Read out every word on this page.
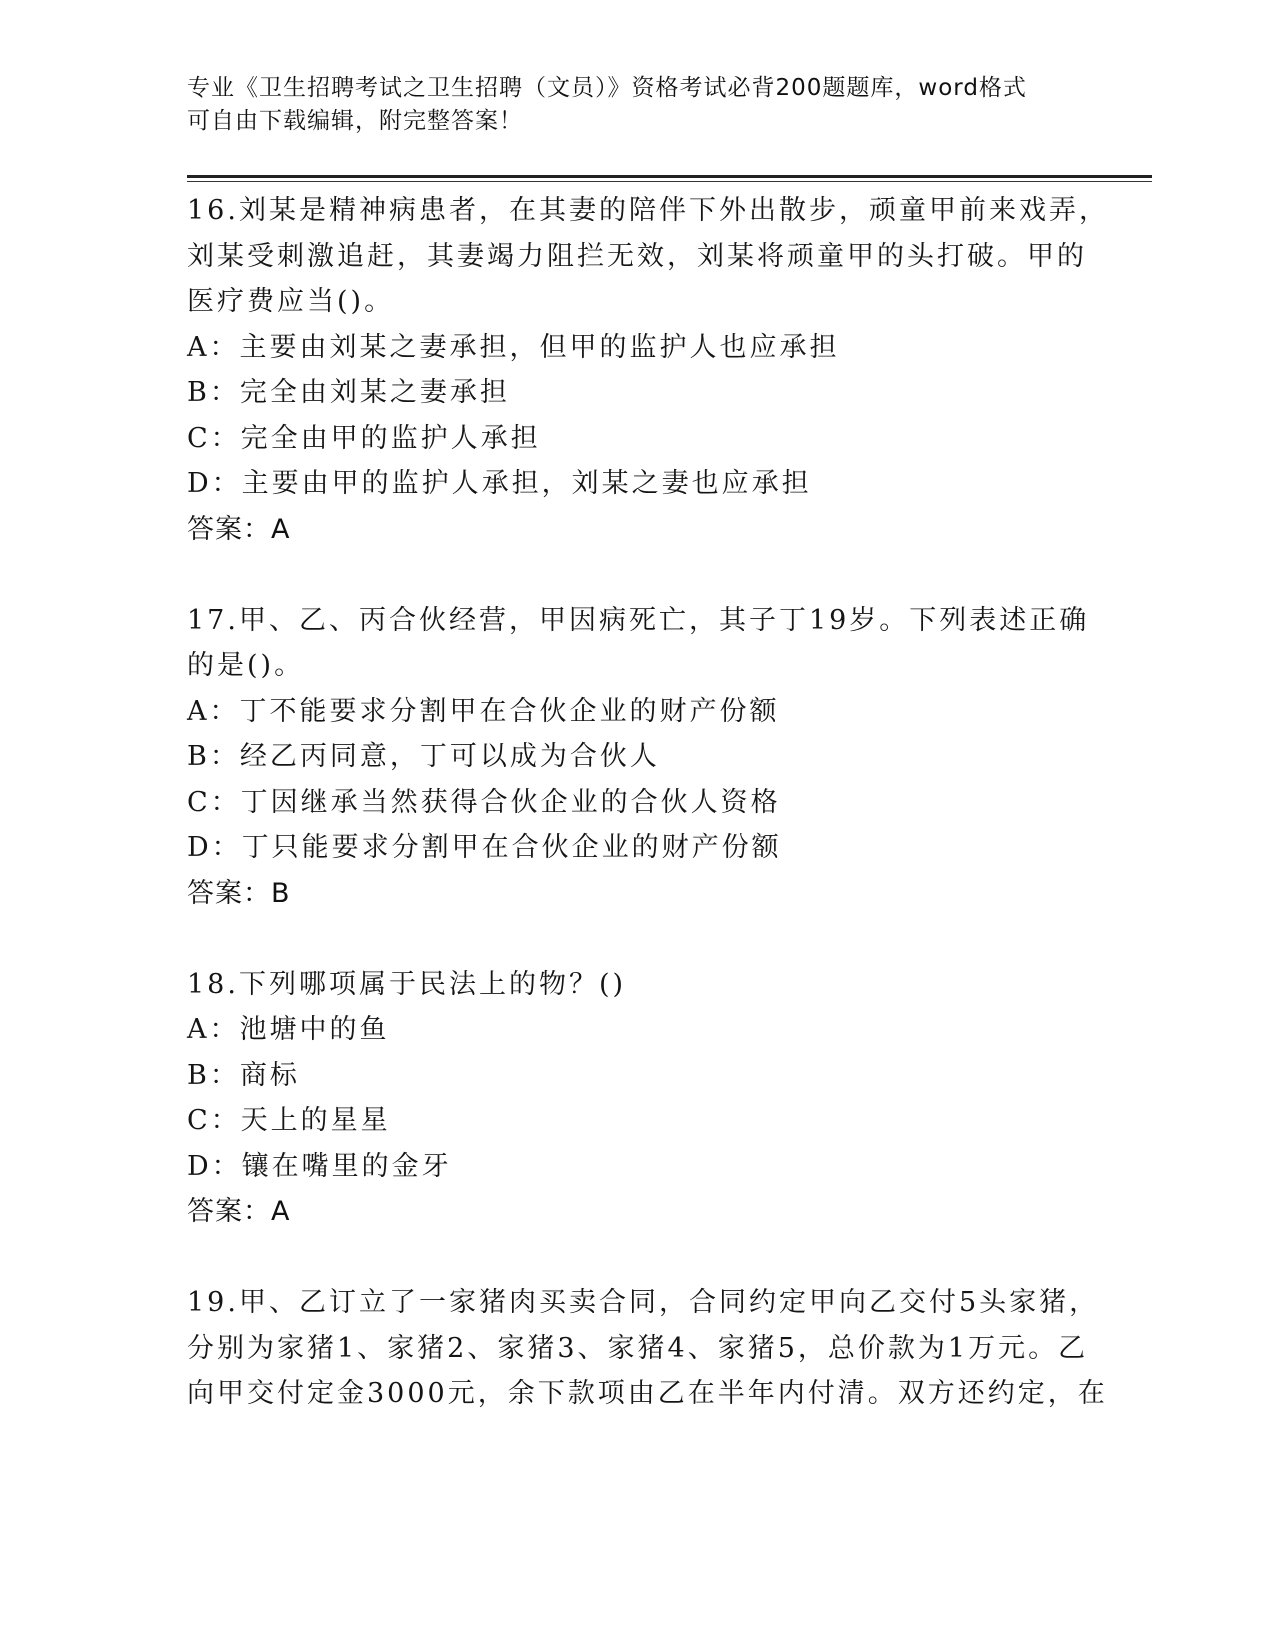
专业《卫生招聘考试之卫生招聘（文员）》资格考试必背200题题库，word格式
可自由下载编辑，附完整答案！
16.刘某是精神病患者，在其妻的陪伴下外出散步，顽童甲前来戏弄，
刘某受刺激追赶，其妻竭力阻拦无效，刘某将顽童甲的头打破。甲的
医疗费应当()。
A：主要由刘某之妻承担，但甲的监护人也应承担
B：完全由刘某之妻承担
C：完全由甲的监护人承担
D：主要由甲的监护人承担，刘某之妻也应承担
答案：A
17.甲、乙、丙合伙经营，甲因病死亡，其子丁19岁。下列表述正确
的是()。
A：丁不能要求分割甲在合伙企业的财产份额
B：经乙丙同意，丁可以成为合伙人
C：丁因继承当然获得合伙企业的合伙人资格
D：丁只能要求分割甲在合伙企业的财产份额
答案：B
18.下列哪项属于民法上的物？()
A：池塘中的鱼
B：商标
C：天上的星星
D：镶在嘴里的金牙
答案：A
19.甲、乙订立了一家猪肉买卖合同，合同约定甲向乙交付5头家猪，
分别为家猪1、家猪2、家猪3、家猪4、家猪5，总价款为1万元。乙
向甲交付定金3000元，余下款项由乙在半年内付清。双方还约定，在
